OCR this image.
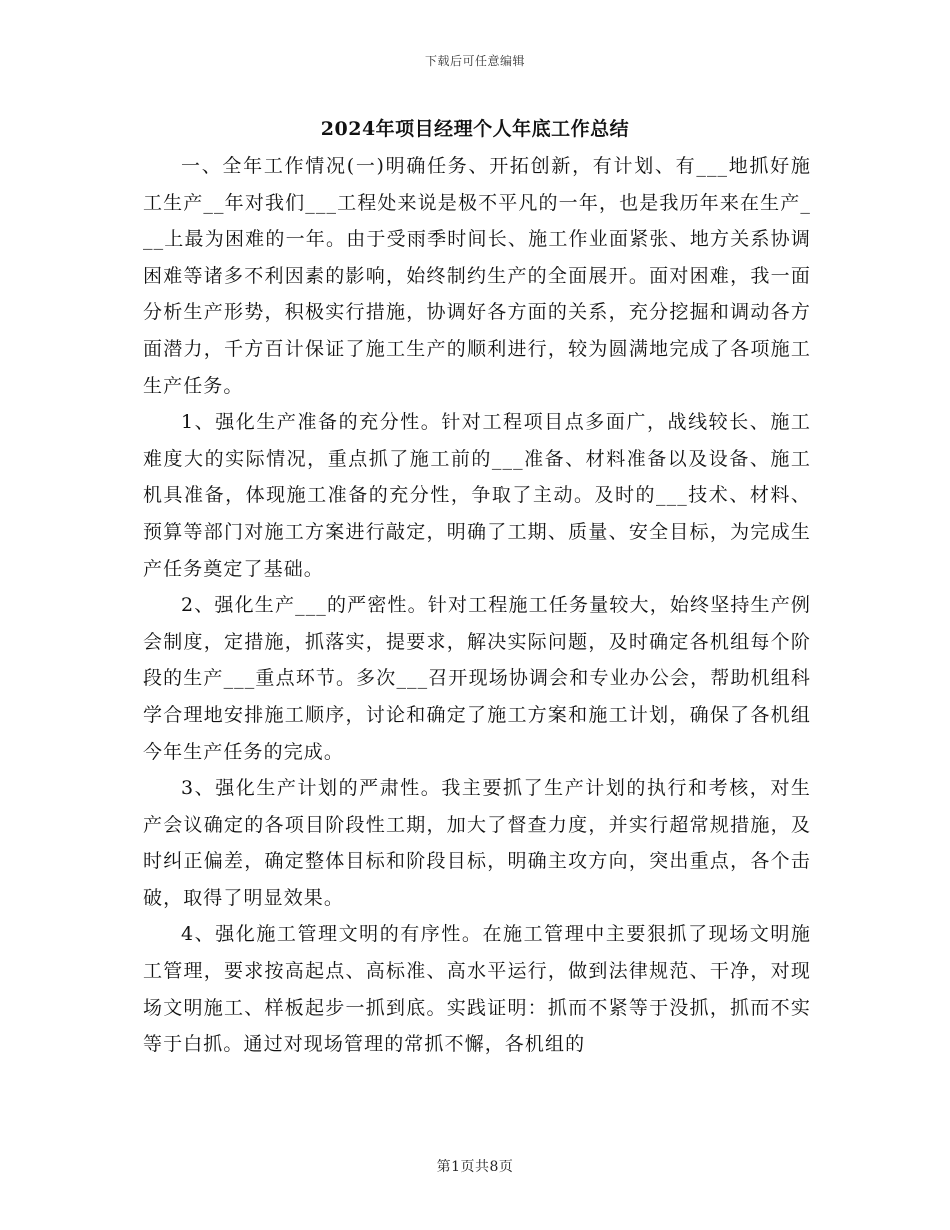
下载后可任意编辑
2024年项目经理个人年底工作总结

一、全年工作情况(一)明确任务、开拓创新，有计划、有___地抓好施工生产__年对我们___工程处来说是极不平凡的一年，也是我历年来在生产___上最为困难的一年。由于受雨季时间长、施工作业面紧张、地方关系协调困难等诸多不利因素的影响，始终制约生产的全面展开。面对困难，我一面分析生产形势，积极实行措施，协调好各方面的关系，充分挖掘和调动各方面潜力，千方百计保证了施工生产的顺利进行，较为圆满地完成了各项施工生产任务。

1、强化生产准备的充分性。针对工程项目点多面广，战线较长、施工难度大的实际情况，重点抓了施工前的___准备、材料准备以及设备、施工机具准备，体现施工准备的充分性，争取了主动。及时的___技术、材料、预算等部门对施工方案进行敲定，明确了工期、质量、安全目标，为完成生产任务奠定了基础。

2、强化生产___的严密性。针对工程施工任务量较大，始终坚持生产例会制度，定措施，抓落实，提要求，解决实际问题，及时确定各机组每个阶段的生产___重点环节。多次___召开现场协调会和专业办公会，帮助机组科学合理地安排施工顺序，讨论和确定了施工方案和施工计划，确保了各机组今年生产任务的完成。

3、强化生产计划的严肃性。我主要抓了生产计划的执行和考核，对生产会议确定的各项目阶段性工期，加大了督查力度，并实行超常规措施，及时纠正偏差，确定整体目标和阶段目标，明确主攻方向，突出重点，各个击破，取得了明显效果。

4、强化施工管理文明的有序性。在施工管理中主要狠抓了现场文明施工管理，要求按高起点、高标准、高水平运行，做到法律规范、干净，对现场文明施工、样板起步一抓到底。实践证明：抓而不紧等于没抓，抓而不实等于白抓。通过对现场管理的常抓不懈，各机组的

第1页共8页
